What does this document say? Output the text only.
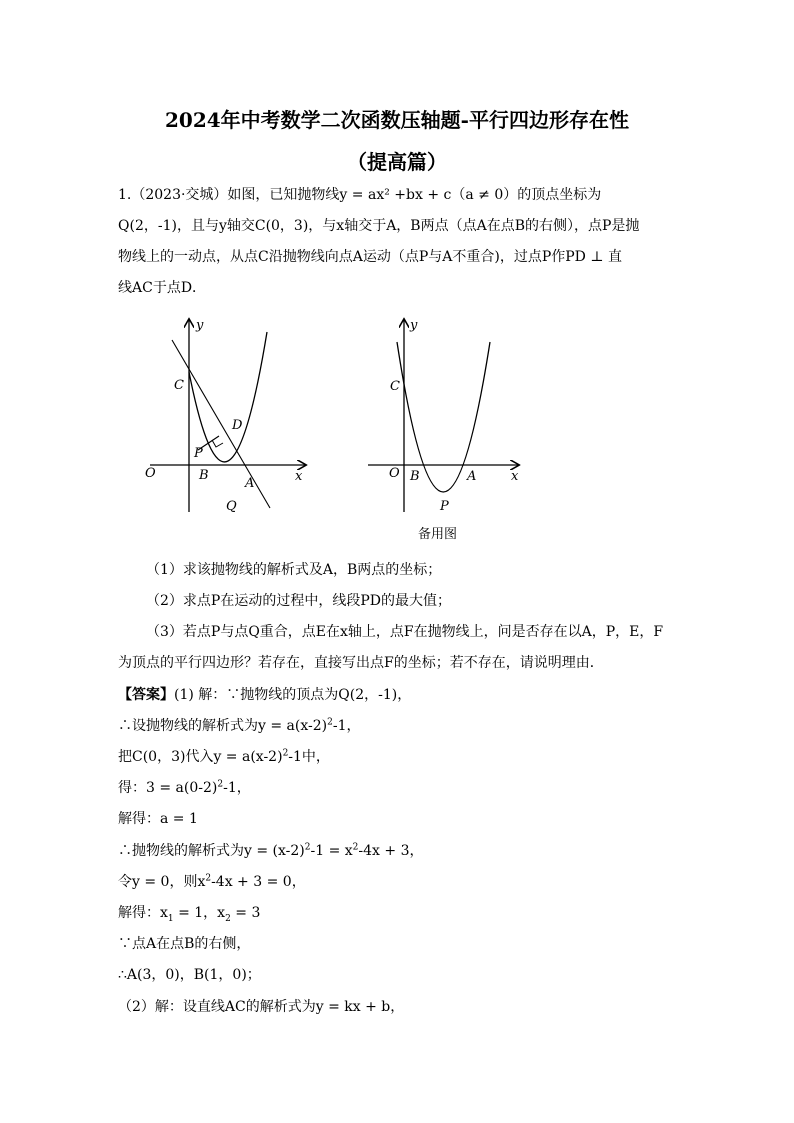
2024年中考数学二次函数压轴题-平行四边形存在性
（提高篇）
1.（2023·交城）如图，已知抛物线y = ax² +bx + c（a ≠ 0）的顶点坐标为
Q(2，-1)，且与y轴交C(0，3)，与x轴交于A，B两点（点A在点B的右侧），点P是抛
物线上的一动点，从点C沿抛物线向点A运动（点P与A不重合)，过点P作PD ⊥ 直
线AC于点D．
O
y
x
C
D
P
B
A
Q
O
y
x
C
B	A
P
备用图
（1）求该抛物线的解析式及A，B两点的坐标；
（2）求点P在运动的过程中，线段PD的最大值；
（3）若点P与点Q重合，点E在x轴上，点F在抛物线上，问是否存在以A，P，E，F
为顶点的平行四边形？若存在，直接写出点F的坐标；若不存在，请说明理由．
【答案】(1) 解：∵抛物线的顶点为Q(2，-1)，
∴设抛物线的解析式为$y = a(x-2)^2-1$，
把C(0，3)代入$y = a(x-2)^2-1$中，
得：$3 = a(0-2)^2-1$，
解得：a = 1
∴抛物线的解析式为$y = (x-2)^2-1 = x^2-4x + 3$，
令y = 0，则$x^2-4x + 3 = 0$，
解得：$x_1 = 1$，$x_2 = 3$
∵点A在点B的右侧，
∴A(3，0)，B(1，0)；
（2）解：设直线AC的解析式为y = kx + b，
